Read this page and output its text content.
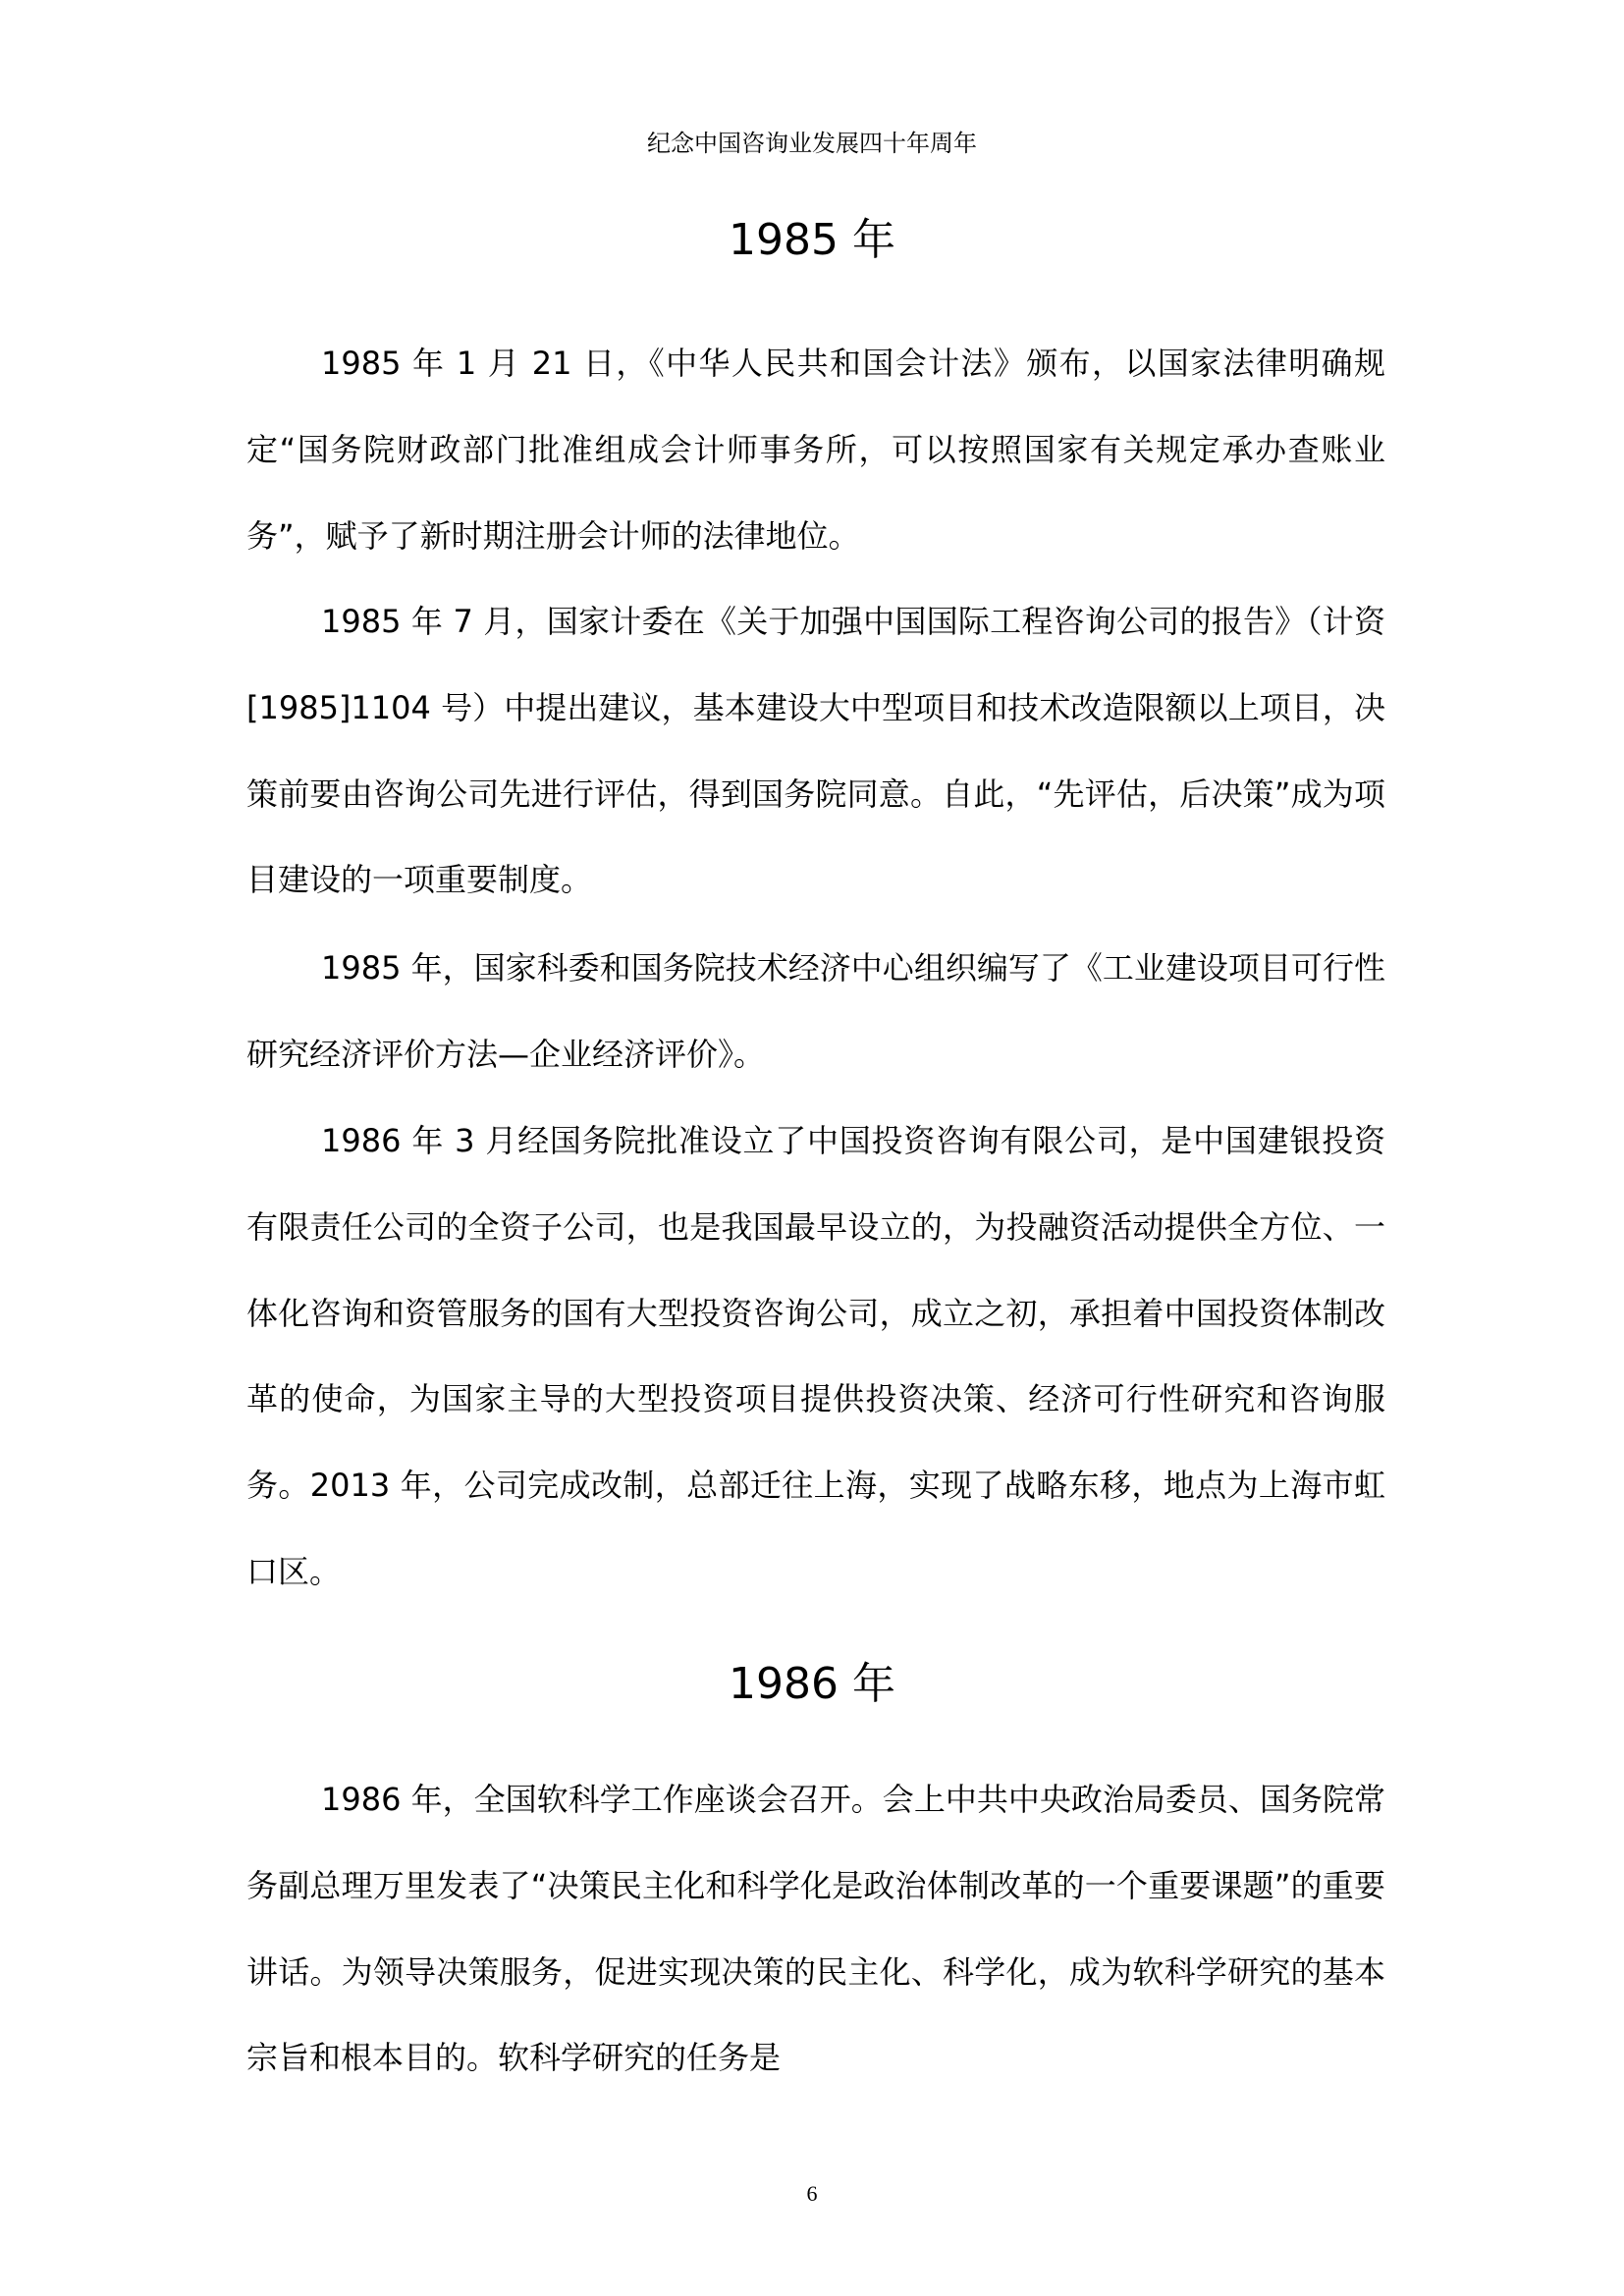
纪念中国咨询业发展四十年周年
1985 年

1985 年 1 月 21 日，《中华人民共和国会计法》颁布，以国家法律明确规定“国务院财政部门批准组成会计师事务所，可以按照国家有关规定承办查账业务”，赋予了新时期注册会计师的法律地位。

1985 年 7 月，国家计委在《关于加强中国国际工程咨询公司的报告》（计资[1985]1104 号）中提出建议，基本建设大中型项目和技术改造限额以上项目，决策前要由咨询公司先进行评估，得到国务院同意。自此，“先评估，后决策”成为项目建设的一项重要制度。

1985 年，国家科委和国务院技术经济中心组织编写了《工业建设项目可行性研究经济评价方法—企业经济评价》。

1986 年 3 月经国务院批准设立了中国投资咨询有限公司，是中国建银投资有限责任公司的全资子公司，也是我国最早设立的，为投融资活动提供全方位、一体化咨询和资管服务的国有大型投资咨询公司，成立之初，承担着中国投资体制改革的使命，为国家主导的大型投资项目提供投资决策、经济可行性研究和咨询服务。2013 年，公司完成改制，总部迁往上海，实现了战略东移，地点为上海市虹口区。

1986 年

1986 年，全国软科学工作座谈会召开。会上中共中央政治局委员、国务院常务副总理万里发表了“决策民主化和科学化是政治体制改革的一个重要课题”的重要讲话。为领导决策服务，促进实现决策的民主化、科学化，成为软科学研究的基本宗旨和根本目的。软科学研究的任务是

6
